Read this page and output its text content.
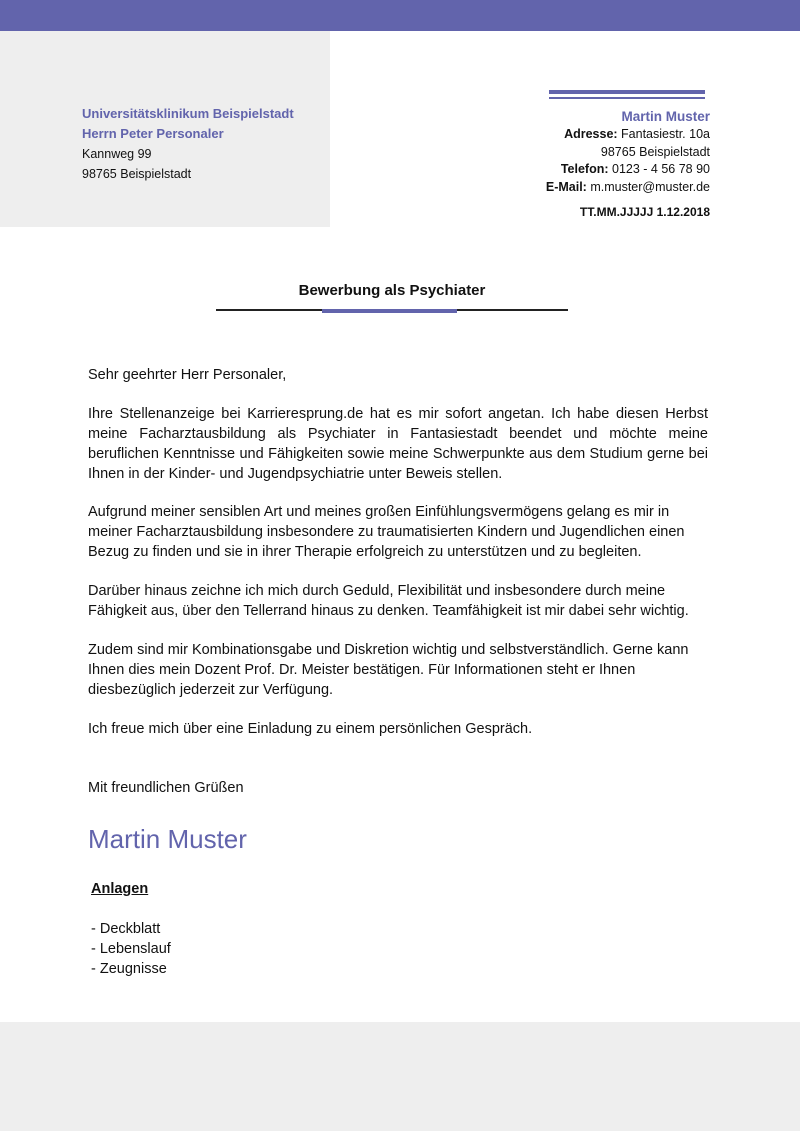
Universitätsklinikum Beispielstadt
Herrn Peter Personaler
Kannweg 99
98765 Beispielstadt
Martin Muster
Adresse: Fantasiestr. 10a
98765 Beispielstadt
Telefon: 0123 - 4 56 78 90
E-Mail: m.muster@muster.de
TT.MM.JJJJJ 1.12.2018
Bewerbung als Psychiater

Sehr geehrter Herr Personaler,

Ihre Stellenanzeige bei Karrieresprung.de hat es mir sofort angetan. Ich habe diesen Herbst meine Facharztausbildung als Psychiater in Fantasiestadt beendet und möchte meine beruflichen Kenntnisse und Fähigkeiten sowie meine Schwerpunkte aus dem Studium gerne bei Ihnen in der Kinder- und Jugendpsychiatrie unter Beweis stellen.

Aufgrund meiner sensiblen Art und meines großen Einfühlungsvermögens gelang es mir in meiner Facharztausbildung insbesondere zu traumatisierten Kindern und Jugendlichen einen Bezug zu finden und sie in ihrer Therapie erfolgreich zu unterstützen und zu begleiten.

Darüber hinaus zeichne ich mich durch Geduld, Flexibilität und insbesondere durch meine Fähigkeit aus, über den Tellerrand hinaus zu denken. Teamfähigkeit ist mir dabei sehr wichtig.

Zudem sind mir Kombinationsgabe und Diskretion wichtig und selbstverständlich. Gerne kann Ihnen dies mein Dozent Prof. Dr. Meister bestätigen. Für Informationen steht er Ihnen diesbezüglich jederzeit zur Verfügung.

Ich freue mich über eine Einladung zu einem persönlichen Gespräch.

Mit freundlichen Grüßen

Martin Muster
Anlagen
- Deckblatt
- Lebenslauf
- Zeugnisse
